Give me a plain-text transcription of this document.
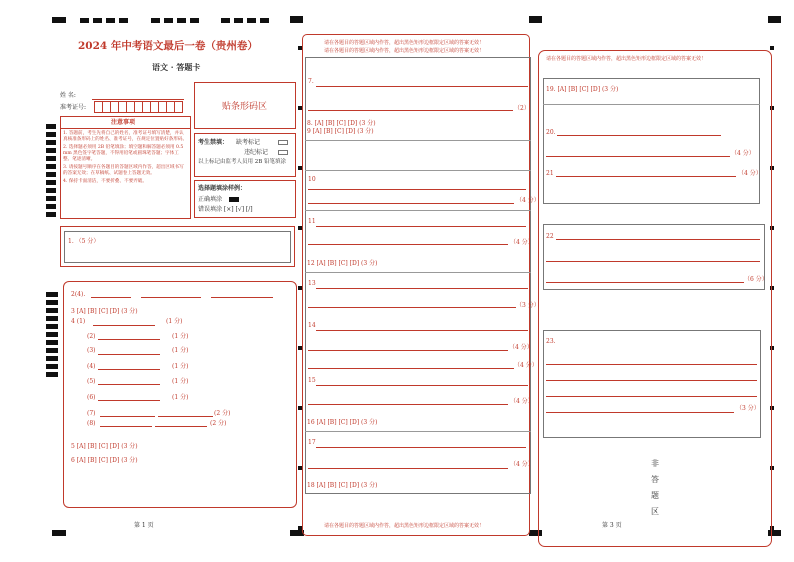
2024 年中考语文最后一卷（贵州卷）
语文 · 答题卡
姓 名:
准考证号:	贴条形码区
注意事项
1. 答题前，考生先将自己的姓名，准考证号填写清楚，并认真核准条形码上的姓名、准考证号，在规定位置贴好条形码。
2. 选择题必须用 2B 铅笔填涂；填空题和解答题必须用 0.5 mm 黑色签字笔答题，不得用铅笔或圆珠笔答题；字体工整、笔迹清晰。
3. 请按题号顺序在各题目的答题区域内作答，超出区域书写的答案无效；在草稿纸、试题卷上答题无效。
4. 保持卡面清洁，不要折叠、不要弄破。
考生禁填： 缺考标记
违纪标记
以上标记由监考人员用 2B 铅笔填涂
选择题填涂样例：
正确填涂
错误填涂 [×] [√] [/]
1. （5 分）
2(4).
3 [A] [B] [C] [D] (3 分)
4 (1)	(1 分)
(2)	(1 分)
(3)	(1 分)
(4)	(1 分)
(5)	(1 分)
(6)	(1 分)
(7)	(2 分)
(8)	(2 分)
5 [A] [B] [C] [D] (3 分)
6 [A] [B] [C] [D] (3 分)
第 1 页
请在各题目的答题区域内作答，超出黑色矩形边框限定区域的答案无效！
请在各题目的答题区域内作答，超出黑色矩形边框限定区域的答案无效！
7.
（2）
8. [A] [B] [C] [D] (3 分)
9 [A] [B] [C] [D] (3 分)
10
（4 分）
11
（4 分）
12 [A] [B] [C] [D] (3 分)
13
（3 分）
14
（4 分）
（4 分）
15
（4 分）
16 [A] [B] [C] [D] (3 分)
17
（4 分）
18 [A] [B] [C] [D] (3 分)
请在各题目的答题区域内作答，超出黑色矩形边框限定区域的答案无效！
请在各题目的答题区域内作答，超出黑色矩形边框限定区域的答案无效！
19. [A] [B] [C] [D] (3 分)
20.
（4 分）
21	（4 分）
22
（6 分）
23.
（3 分）
非
答
题
区
第 3 页
